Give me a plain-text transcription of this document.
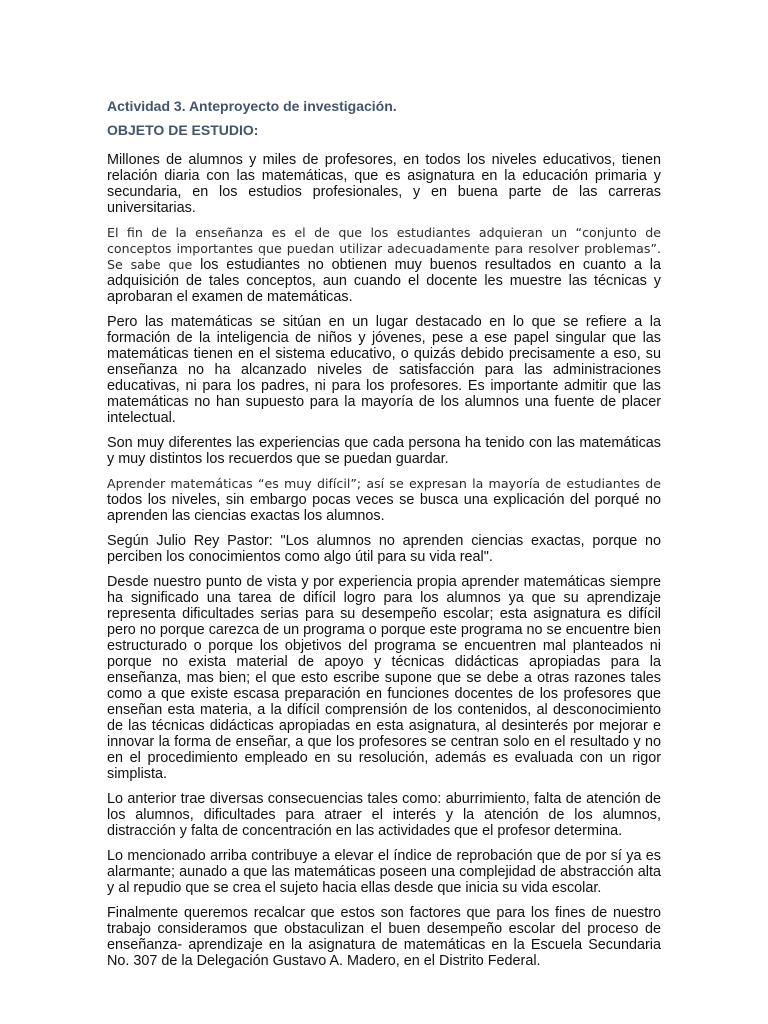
Actividad 3. Anteproyecto de investigación.
OBJETO DE ESTUDIO:

Millones de alumnos y miles de profesores, en todos los niveles educativos, tienen relación diaria con las matemáticas, que es asignatura en la educación primaria y secundaria, en los estudios profesionales, y en buena parte de las carreras universitarias.

El fin de la enseñanza es el de que los estudiantes adquieran un “conjunto de conceptos importantes que puedan utilizar adecuadamente para resolver problemas”. Se sabe que los estudiantes no obtienen muy buenos resultados en cuanto a la adquisición de tales conceptos, aun cuando el docente les muestre las técnicas y aprobaran el examen de matemáticas.

Pero las matemáticas se sitúan en un lugar destacado en lo que se refiere a la formación de la inteligencia de niños y jóvenes, pese a ese papel singular que las matemáticas tienen en el sistema educativo, o quizás debido precisamente a eso, su enseñanza no ha alcanzado niveles de satisfacción para las administraciones educativas, ni para los padres, ni para los profesores. Es importante admitir que las matemáticas no han supuesto para la mayoría de los alumnos una fuente de placer intelectual.

Son muy diferentes las experiencias que cada persona ha tenido con las matemáticas y muy distintos los recuerdos que se puedan guardar.

Aprender matemáticas “es muy difícil”; así se expresan la mayoría de estudiantes de todos los niveles, sin embargo pocas veces se busca una explicación del porqué no aprenden las ciencias exactas los alumnos.

Según Julio Rey Pastor: "Los alumnos no aprenden ciencias exactas, porque no perciben los conocimientos como algo útil para su vida real".

Desde nuestro punto de vista y por experiencia propia aprender matemáticas siempre ha significado una tarea de difícil logro para los alumnos ya que su aprendizaje representa dificultades serias para su desempeño escolar; esta asignatura es difícil pero no porque carezca de un programa o porque este programa no se encuentre bien estructurado o porque los objetivos del programa se encuentren mal planteados ni porque no exista material de apoyo y técnicas didácticas apropiadas para la enseñanza, mas bien; el que esto escribe supone que se debe a otras razones tales como a que existe escasa preparación en funciones docentes de los profesores que enseñan esta materia, a la difícil comprensión de los contenidos, al desconocimiento de las técnicas didácticas apropiadas en esta asignatura, al desinterés por mejorar e innovar la forma de enseñar, a que los profesores se centran solo en el resultado y no en el procedimiento empleado en su resolución, además es evaluada con un rigor simplista.

Lo anterior trae diversas consecuencias tales como: aburrimiento, falta de atención de los alumnos, dificultades para atraer el interés y la atención de los alumnos, distracción y falta de concentración en las actividades que el profesor determina.

Lo mencionado arriba contribuye a elevar el índice de reprobación que de por sí ya es alarmante; aunado a que las matemáticas poseen una complejidad de abstracción alta y al repudio que se crea el sujeto hacia ellas desde que inicia su vida escolar.

Finalmente queremos recalcar que estos son factores que para los fines de nuestro trabajo consideramos que obstaculizan el buen desempeño escolar del proceso de enseñanza- aprendizaje en la asignatura de matemáticas en la Escuela Secundaria No. 307 de la Delegación Gustavo A. Madero, en el Distrito Federal.
